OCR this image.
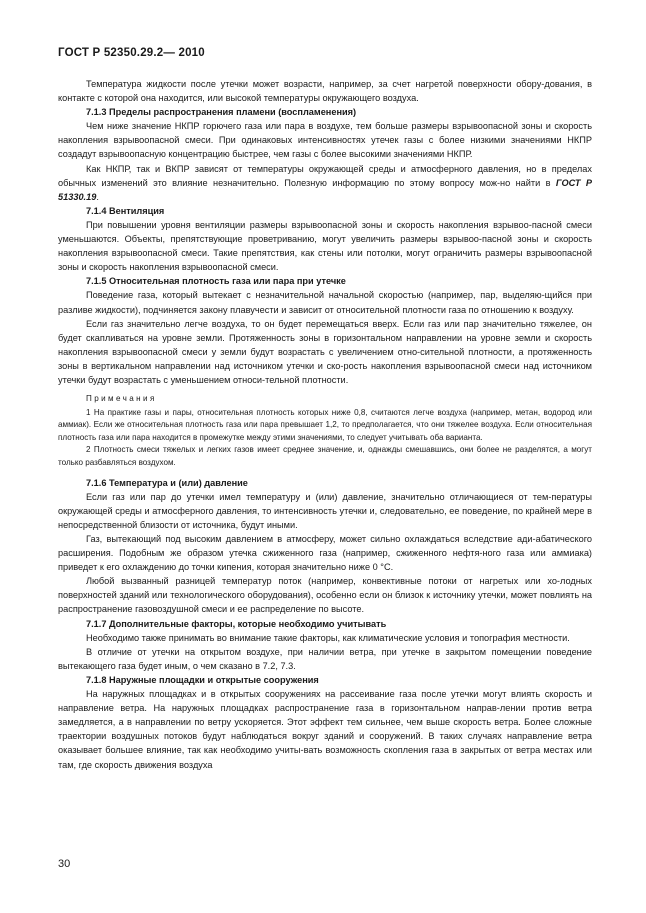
ГОСТ Р 52350.29.2— 2010

Температура жидкости после утечки может возрасти, например, за счет нагретой поверхности обору-дования, в контакте с которой она находится, или высокой температуры окружающего воздуха.

7.1.3 Пределы распространения пламени (воспламенения)

Чем ниже значение НКПР горючего газа или пара в воздухе, тем больше размеры взрывоопасной зоны и скорость накопления взрывоопасной смеси. При одинаковых интенсивностях утечек газы с более низкими значениями НКПР создадут взрывоопасную концентрацию быстрее, чем газы с более высокими значениями НКПР.

Как НКПР, так и ВКПР зависят от температуры окружающей среды и атмосферного давления, но в пределах обычных изменений это влияние незначительно. Полезную информацию по этому вопросу мож-но найти в ГОСТ Р 51330.19.

7.1.4 Вентиляция

При повышении уровня вентиляции размеры взрывоопасной зоны и скорость накопления взрывоо-пасной смеси уменьшаются. Объекты, препятствующие проветриванию, могут увеличить размеры взрывоо-пасной зоны и скорость накопления взрывоопасной смеси. Такие препятствия, как стены или потолки, могут ограничить размеры взрывоопасной зоны и скорость накопления взрывоопасной смеси.

7.1.5 Относительная плотность газа или пара при утечке

Поведение газа, который вытекает с незначительной начальной скоростью (например, пар, выделяю-щийся при разливе жидкости), подчиняется закону плавучести и зависит от относительной плотности газа по отношению к воздуху.

Если газ значительно легче воздуха, то он будет перемещаться вверх. Если газ или пар значительно тяжелее, он будет скапливаться на уровне земли. Протяженность зоны в горизонтальном направлении на уровне земли и скорость накопления взрывоопасной смеси у земли будут возрастать с увеличением отно-сительной плотности, а протяженность зоны в вертикальном направлении над источником утечки и ско-рость накопления взрывоопасной смеси над источником утечки будут возрастать с уменьшением относи-тельной плотности.

Примечания

1 На практике газы и пары, относительная плотность которых ниже 0,8, считаются легче воздуха (например, метан, водород или аммиак). Если же относительная плотность газа или пара превышает 1,2, то предполагается, что они тяжелее воздуха. Если относительная плотность газа или пара находится в промежутке между этими значениями, то следует учитывать оба варианта.

2 Плотность смеси тяжелых и легких газов имеет среднее значение, и, однажды смешавшись, они более не разделятся, а могут только разбавляться воздухом.

7.1.6 Температура и (или) давление

Если газ или пар до утечки имел температуру и (или) давление, значительно отличающиеся от тем-пературы окружающей среды и атмосферного давления, то интенсивность утечки и, следовательно, ее поведение, по крайней мере в непосредственной близости от источника, будут иными.

Газ, вытекающий под высоким давлением в атмосферу, может сильно охлаждаться вследствие ади-абатического расширения. Подобным же образом утечка сжиженного газа (например, сжиженного нефтя-ного газа или аммиака) приведет к его охлаждению до точки кипения, которая значительно ниже 0 °C.

Любой вызванный разницей температур поток (например, конвективные потоки от нагретых или хо-лодных поверхностей зданий или технологического оборудования), особенно если он близок к источнику утечки, может повлиять на распространение газовоздушной смеси и ее распределение по высоте.

7.1.7 Дополнительные факторы, которые необходимо учитывать

Необходимо также принимать во внимание такие факторы, как климатические условия и топография местности.

В отличие от утечки на открытом воздухе, при наличии ветра, при утечке в закрытом помещении поведение вытекающего газа будет иным, о чем сказано в 7.2, 7.3.

7.1.8 Наружные площадки и открытые сооружения

На наружных площадках и в открытых сооружениях на рассеивание газа после утечки могут влиять скорость и направление ветра. На наружных площадках распространение газа в горизонтальном направ-лении против ветра замедляется, а в направлении по ветру ускоряется. Этот эффект тем сильнее, чем выше скорость ветра. Более сложные траектории воздушных потоков будут наблюдаться вокруг зданий и сооружений. В таких случаях направление ветра оказывает большее влияние, так как необходимо учиты-вать возможность скопления газа в закрытых от ветра местах или там, где скорость движения воздуха

30
